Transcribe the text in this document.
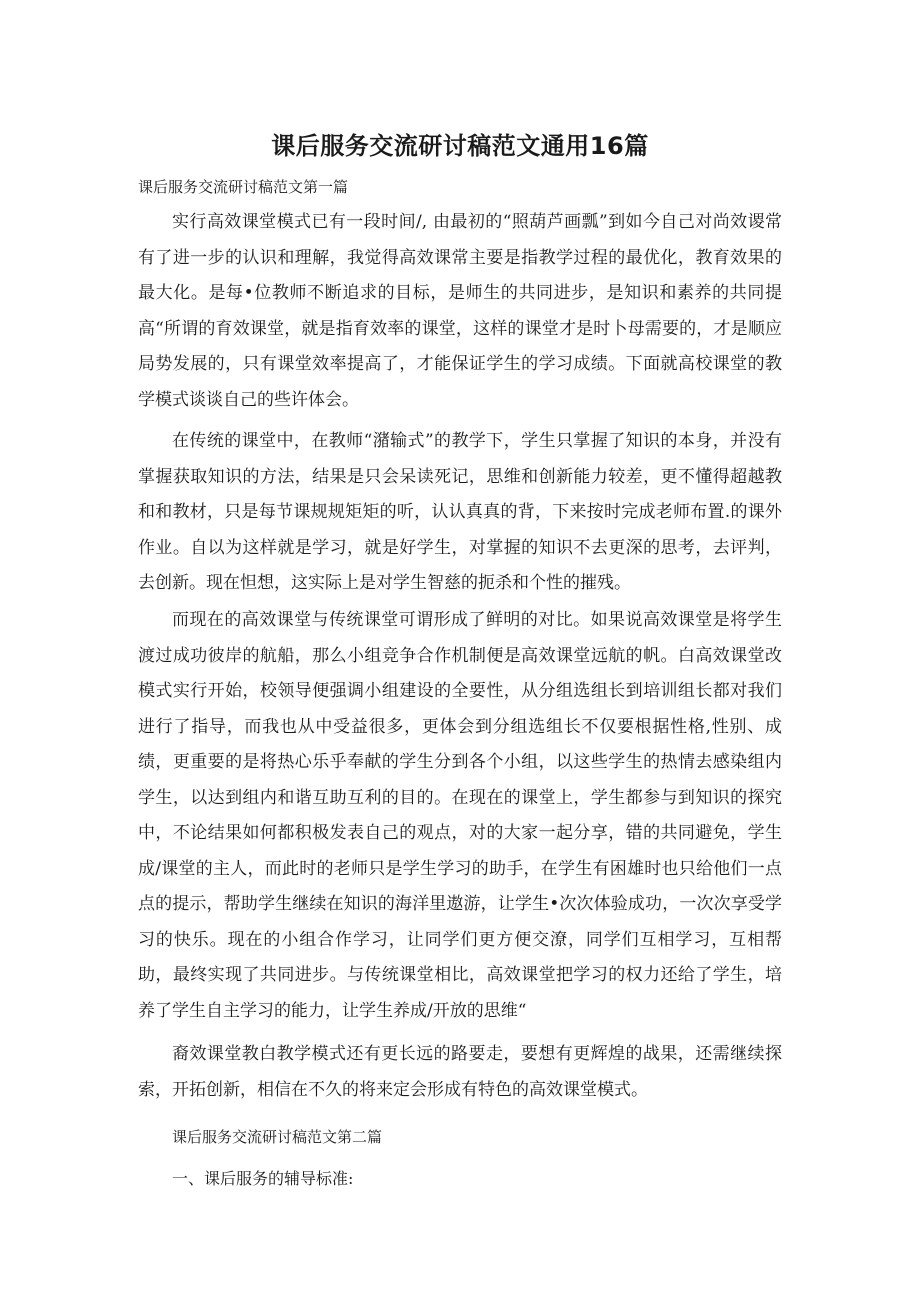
课后服务交流研讨稿范文通用16篇

课后服务交流研讨稿范文第一篇

实行高效课堂模式已有一段时间/, 由最初的“照葫芦画瓢”到如今自己对尚效谡常有了进一步的认识和理解，我觉得高效课常主要是指教学过程的最优化，教育效果的最大化。是每•位教师不断追求的目标，是师生的共同进步，是知识和素养的共同提高“所谓的育效课堂，就是指育效率的课堂，这样的课堂才是时卜母需要的，才是顺应局势发展的，只有课堂效率提高了，才能保证学生的学习成绩。下面就高校课堂的教学模式谈谈自己的些许体会。

在传统的课堂中，在教师“潴输式”的教学下，学生只掌握了知识的本身，并没有掌握获取知识的方法，结果是只会呆读死记，思维和创新能力较差，更不懂得超越教和和教材，只是每节课规规矩矩的听，认认真真的背，下来按时完成老师布置.的课外作业。自以为这样就是学习，就是好学生，对掌握的知识不去更深的思考，去评判，去创新。现在怛想，这实际上是对学生智慈的扼杀和个性的摧残。

而现在的高效课堂与传统课堂可谓形成了鲜明的对比。如果说高效课堂是将学生渡过成功彼岸的航船，那么小组竞争合作机制便是高效课堂远航的帆。白高效课堂改模式实行开始，校领导便强调小组建设的全要性，从分组选组长到培训组长都对我们进行了指导，而我也从中受益很多，更体会到分组选组长不仅要根据性格,性别、成绩，更重要的是将热心乐乎奉献的学生分到各个小组，以这些学生的热情去感染组内学生，以达到组内和谐互助互利的目的。在现在的课堂上，学生都参与到知识的探究中，不论结果如何都积极发表自己的观点，对的大家一起分享，错的共同避免，学生成/课堂的主人，而此时的老师只是学生学习的助手，在学生有困雄时也只给他们一点点的提示，帮助学生继续在知识的海洋里遨游，让学生•次次体验成功，一次次享受学习的快乐。现在的小组合作学习，让同学们更方便交潦，同学们互相学习，互相帮助，最终实现了共同进步。与传统课堂相比，高效课堂把学习的权力还给了学生，培养了学生自主学习的能力，让学生养成/开放的思维“

裔效课堂教白教学模式还有更长远的路要走，要想有更辉煌的战果，还需继续探索，开拓创新，相信在不久的将来定会形成有特色的高效课堂模式。

课后服务交流研讨稿范文第二篇

一、课后服务的辅导标准:
